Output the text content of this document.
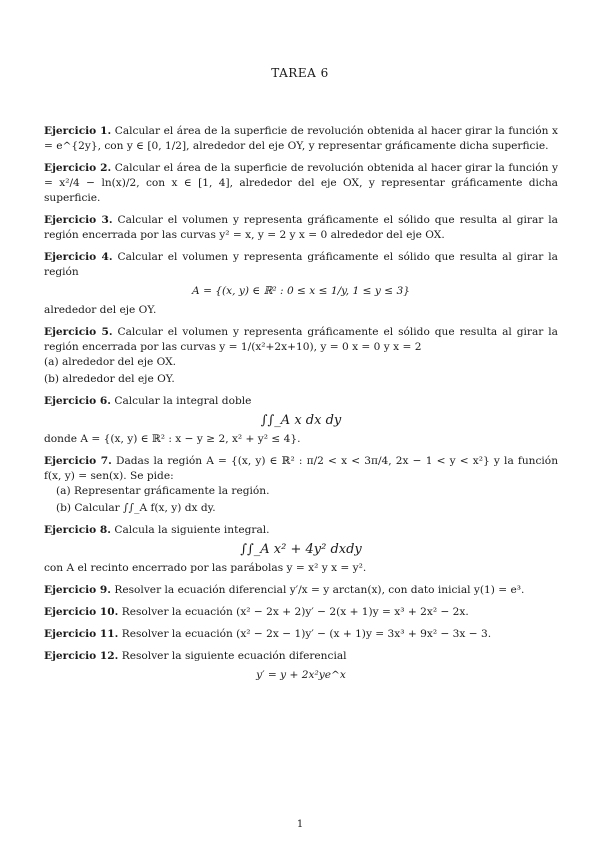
TAREA 6

Ejercicio 1. Calcular el área de la superficie de revolución obtenida al hacer girar la función x = e^{2y}, con y ∈ [0, 1/2], alrededor del eje OY, y representar gráficamente dicha superficie.

Ejercicio 2. Calcular el área de la superficie de revolución obtenida al hacer girar la función y = x²/4 − ln(x)/2, con x ∈ [1, 4], alrededor del eje OX, y representar gráficamente dicha superficie.

Ejercicio 3. Calcular el volumen y representa gráficamente el sólido que resulta al girar la región encerrada por las curvas y² = x, y = 2 y x = 0 alrededor del eje OX.

Ejercicio 4. Calcular el volumen y representa gráficamente el sólido que resulta al girar la región
A = {(x, y) ∈ ℝ² : 0 ≤ x ≤ 1/y, 1 ≤ y ≤ 3}
alrededor del eje OY.
Ejercicio 5. Calcular el volumen y representa gráficamente el sólido que resulta al girar la región encerrada por las curvas y = 1/(x²+2x+10), y = 0 x = 0 y x = 2
(a) alrededor del eje OX.
(b) alrededor del eje OY.
Ejercicio 6. Calcular la integral doble
∫∫_A x dx dy
donde A = {(x, y) ∈ ℝ² : x − y ≥ 2, x² + y² ≤ 4}.
Ejercicio 7. Dadas la región A = {(x, y) ∈ ℝ² : π/2 < x < 3π/4, 2x − 1 < y < x²} y la función f(x, y) = sen(x). Se pide:
(a) Representar gráficamente la región.
(b) Calcular ∫∫_A f(x, y) dx dy.
Ejercicio 8. Calcula la siguiente integral.
∫∫_A x² + 4y² dxdy
con A el recinto encerrado por las parábolas y = x² y x = y².

Ejercicio 9. Resolver la ecuación diferencial y′/x = y arctan(x), con dato inicial y(1) = e³.

Ejercicio 10. Resolver la ecuación (x² − 2x + 2)y′ − 2(x + 1)y = x³ + 2x² − 2x.

Ejercicio 11. Resolver la ecuación (x² − 2x − 1)y′ − (x + 1)y = 3x³ + 9x² − 3x − 3.

Ejercicio 12. Resolver la siguiente ecuación diferencial
y′ = y + 2x²ye^x
1
